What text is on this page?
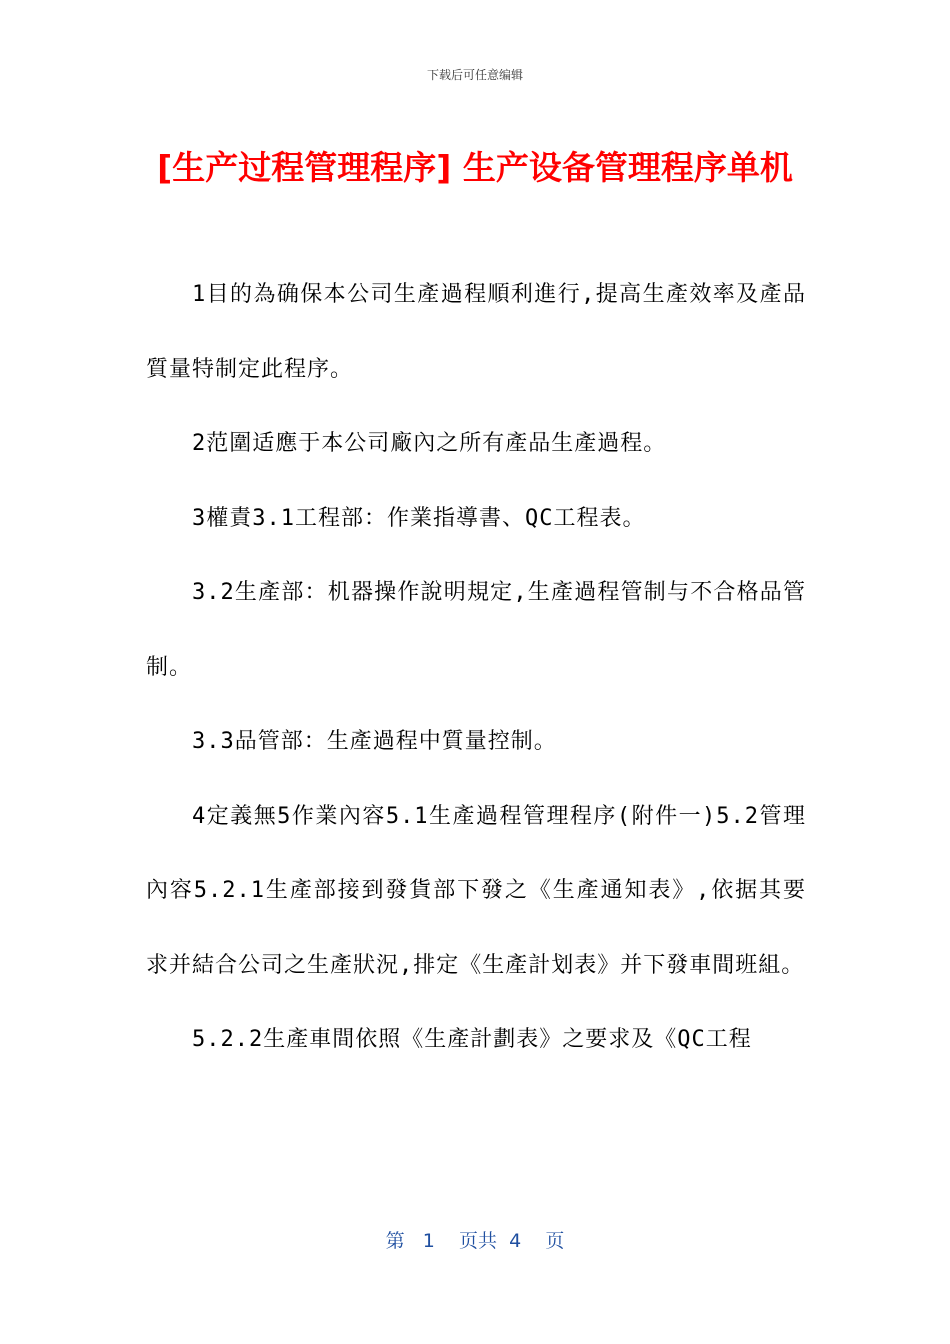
下载后可任意编辑
[生产过程管理程序] 生产设备管理程序单机

1目的為确保本公司生產過程順利進行,提高生產效率及產品質量特制定此程序。

2范圍适應于本公司廠內之所有產品生產過程。

3權責3.1工程部：作業指導書、QC工程表。

3.2生產部：机器操作說明規定,生產過程管制与不合格品管制。

3.3品管部：生產過程中質量控制。

4定義無5作業內容5.1生產過程管理程序(附件一)5.2管理內容5.2.1生產部接到發貨部下發之《生產通知表》,依据其要求并結合公司之生產狀況,排定《生產計划表》并下發車間班組。

5.2.2生產車間依照《生產計劃表》之要求及《QC工程

第 1 页共 4 页
